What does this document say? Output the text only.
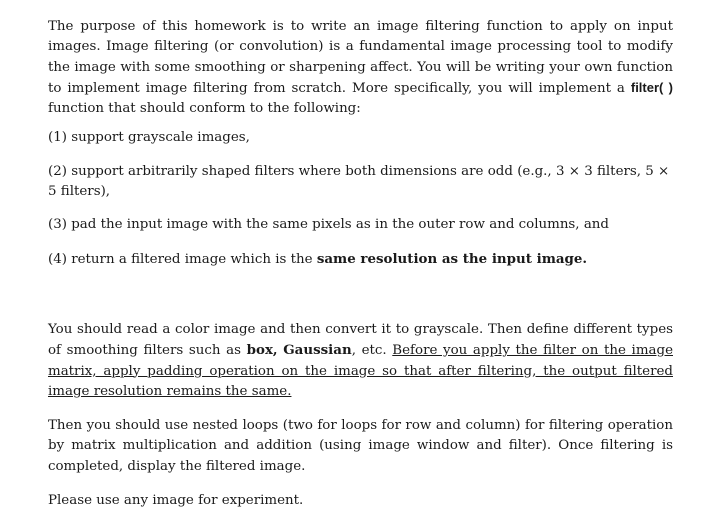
The purpose of this homework is to write an image filtering function to apply on input images. Image filtering (or convolution) is a fundamental image processing tool to modify the image with some smoothing or sharpening affect. You will be writing your own function to implement image filtering from scratch. More specifically, you will implement a filter( ) function that should conform to the following:

(1) support grayscale images,

(2) support arbitrarily shaped filters where both dimensions are odd (e.g., 3 × 3 filters, 5 × 5 filters),

(3) pad the input image with the same pixels as in the outer row and columns, and

(4) return a filtered image which is the same resolution as the input image.

You should read a color image and then convert it to grayscale. Then define different types of smoothing filters such as box, Gaussian, etc. Before you apply the filter on the image matrix, apply padding operation on the image so that after filtering, the output filtered image resolution remains the same.

Then you should use nested loops (two for loops for row and column) for filtering operation by matrix multiplication and addition (using image window and filter). Once filtering is completed, display the filtered image.

Please use any image for experiment.
